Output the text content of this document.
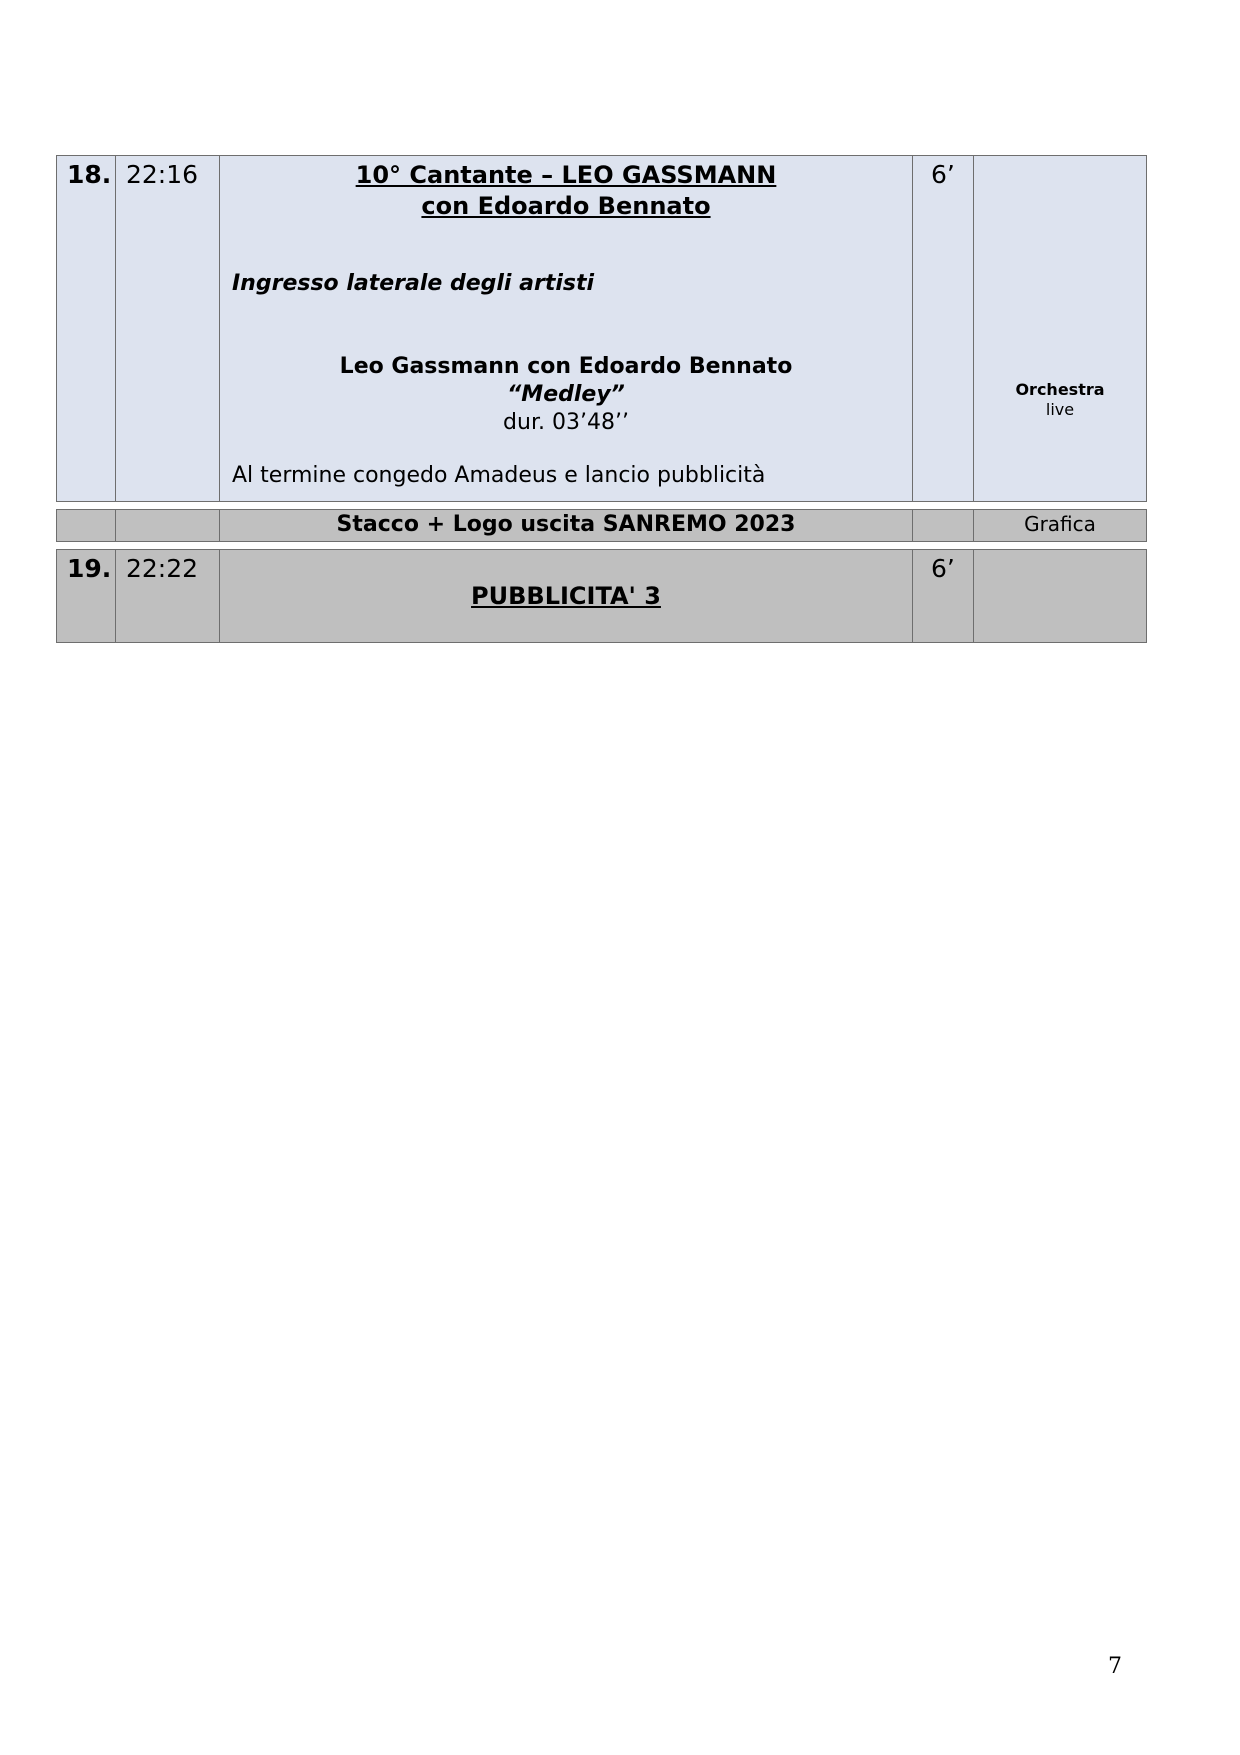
18. 22:16	10° Cantante – LEO GASSMANN
con Edoardo Bennato
Ingresso laterale degli artisti
Leo Gassmann con Edoardo Bennato
“Medley”
dur. 03’48’’
Al termine congedo Amadeus e lancio pubblicità
6’
Orchestra
live
Stacco + Logo uscita SANREMO 2023	Grafica
19. 22:22
PUBBLICITA' 3
6’
7
